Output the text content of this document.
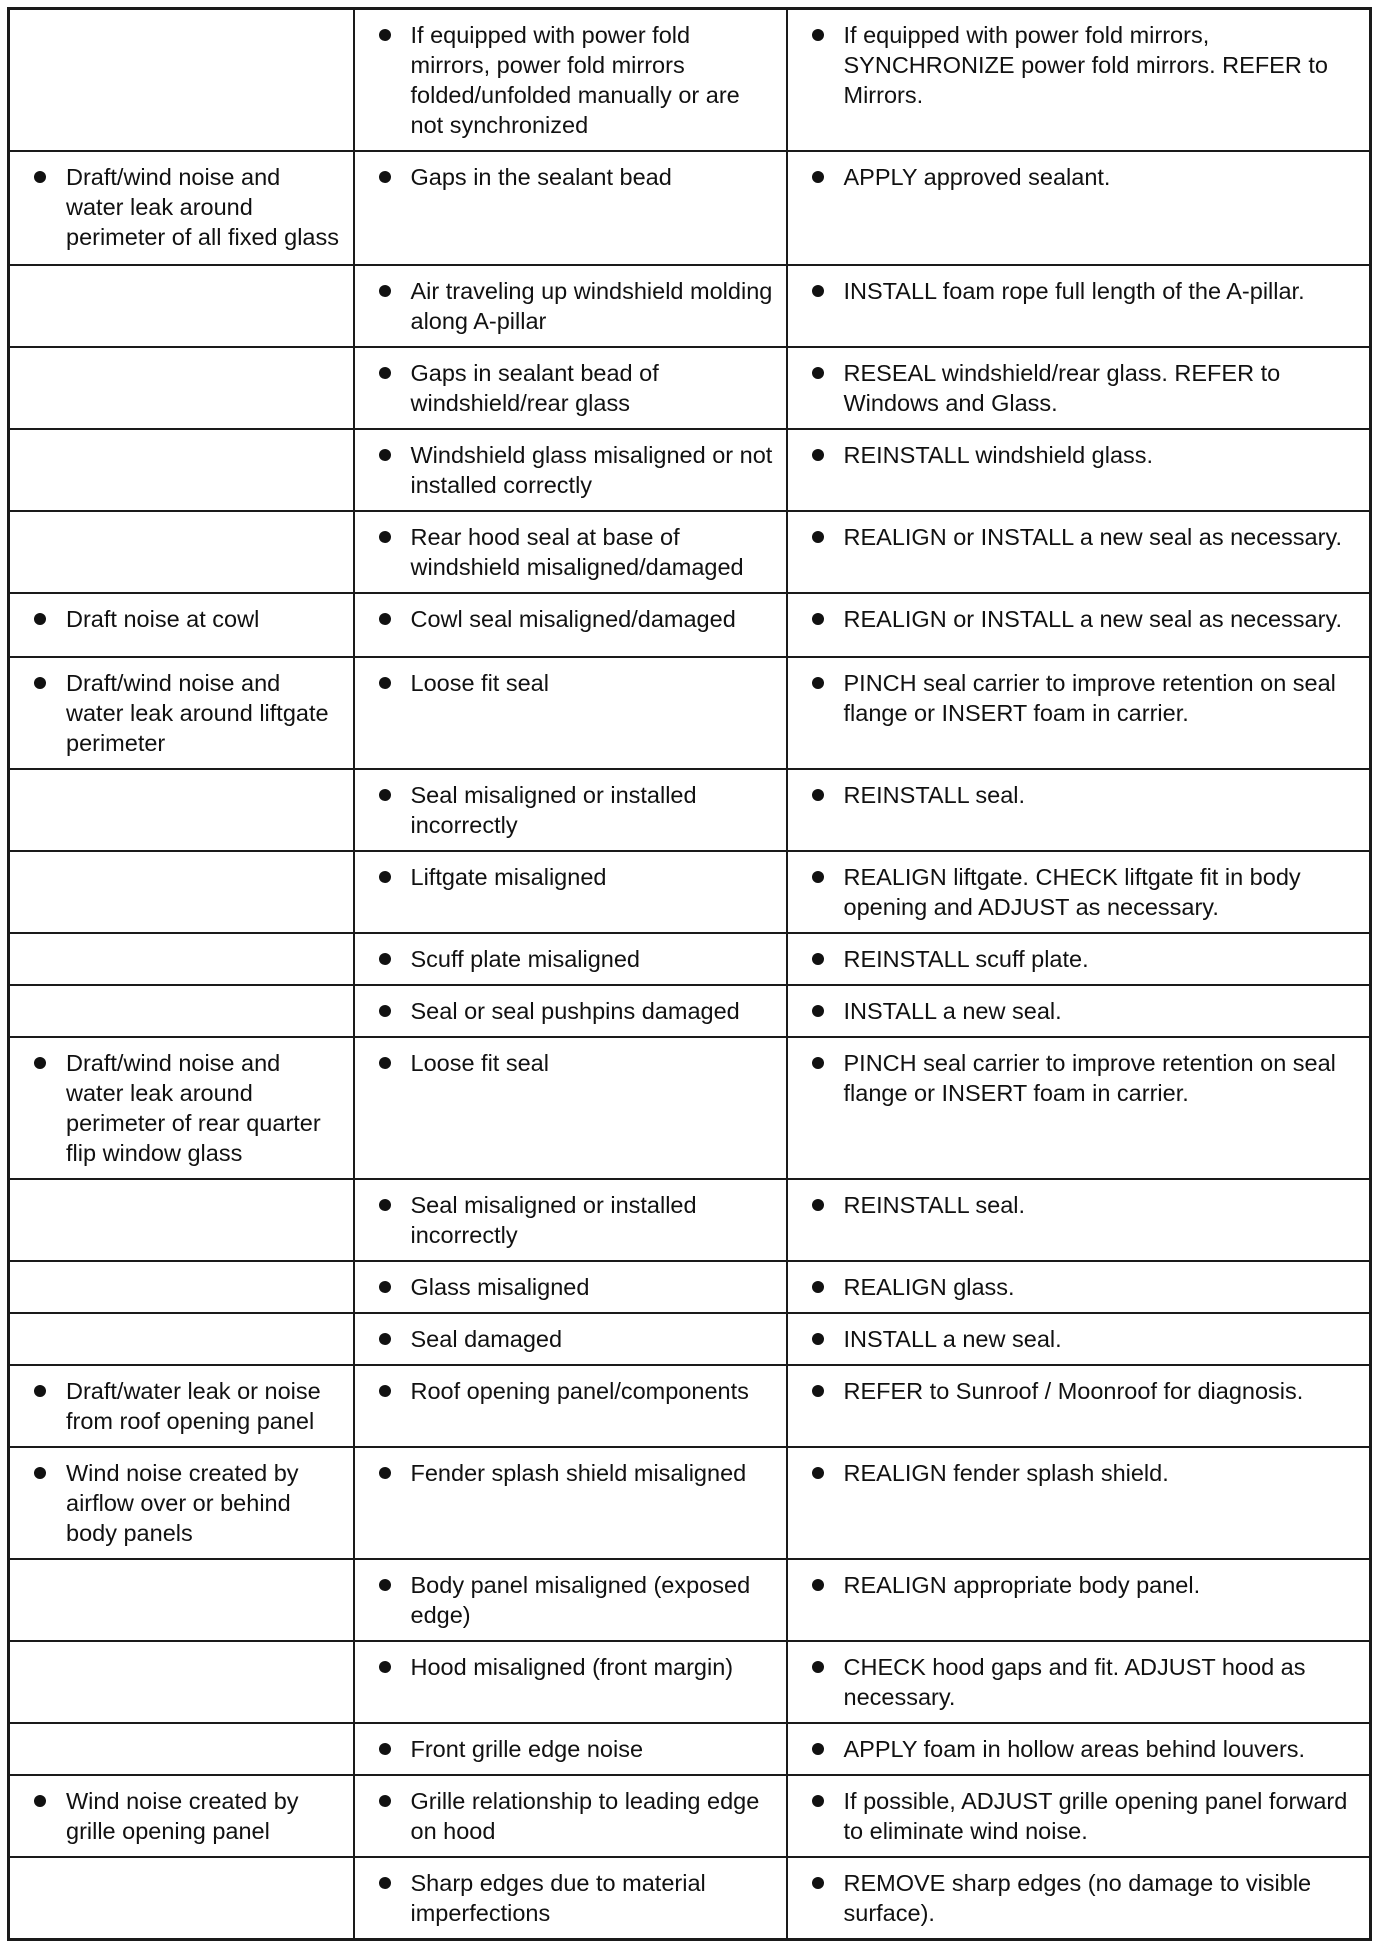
	If equipped with power fold mirrors, power fold mirrors folded/unfolded manually or are not synchronized	If equipped with power fold mirrors, SYNCHRONIZE power fold mirrors. REFER to Mirrors.

Draft/wind noise and water leak around perimeter of all fixed glass	Gaps in the sealant bead	APPLY approved sealant.

	Air traveling up windshield molding along A-pillar	INSTALL foam rope full length of the A-pillar.

	Gaps in sealant bead of windshield/rear glass	RESEAL windshield/rear glass. REFER to Windows and Glass.

	Windshield glass misaligned or not installed correctly	REINSTALL windshield glass.

	Rear hood seal at base of windshield misaligned/damaged	REALIGN or INSTALL a new seal as necessary.

Draft noise at cowl	Cowl seal misaligned/damaged	REALIGN or INSTALL a new seal as necessary.

Draft/wind noise and water leak around liftgate perimeter	Loose fit seal	PINCH seal carrier to improve retention on seal flange or INSERT foam in carrier.

	Seal misaligned or installed incorrectly	REINSTALL seal.

	Liftgate misaligned	REALIGN liftgate. CHECK liftgate fit in body opening and ADJUST as necessary.

	Scuff plate misaligned	REINSTALL scuff plate.

	Seal or seal pushpins damaged	INSTALL a new seal.

Draft/wind noise and water leak around perimeter of rear quarter flip window glass	Loose fit seal	PINCH seal carrier to improve retention on seal flange or INSERT foam in carrier.

	Seal misaligned or installed incorrectly	REINSTALL seal.

	Glass misaligned	REALIGN glass.

	Seal damaged	INSTALL a new seal.

Draft/water leak or noise from roof opening panel	Roof opening panel/components	REFER to Sunroof / Moonroof for diagnosis.

Wind noise created by airflow over or behind body panels	Fender splash shield misaligned	REALIGN fender splash shield.

	Body panel misaligned (exposed edge)	REALIGN appropriate body panel.

	Hood misaligned (front margin)	CHECK hood gaps and fit. ADJUST hood as necessary.

	Front grille edge noise	APPLY foam in hollow areas behind louvers.

Wind noise created by grille opening panel	Grille relationship to leading edge on hood	If possible, ADJUST grille opening panel forward to eliminate wind noise.

	Sharp edges due to material imperfections	REMOVE sharp edges (no damage to visible surface).
